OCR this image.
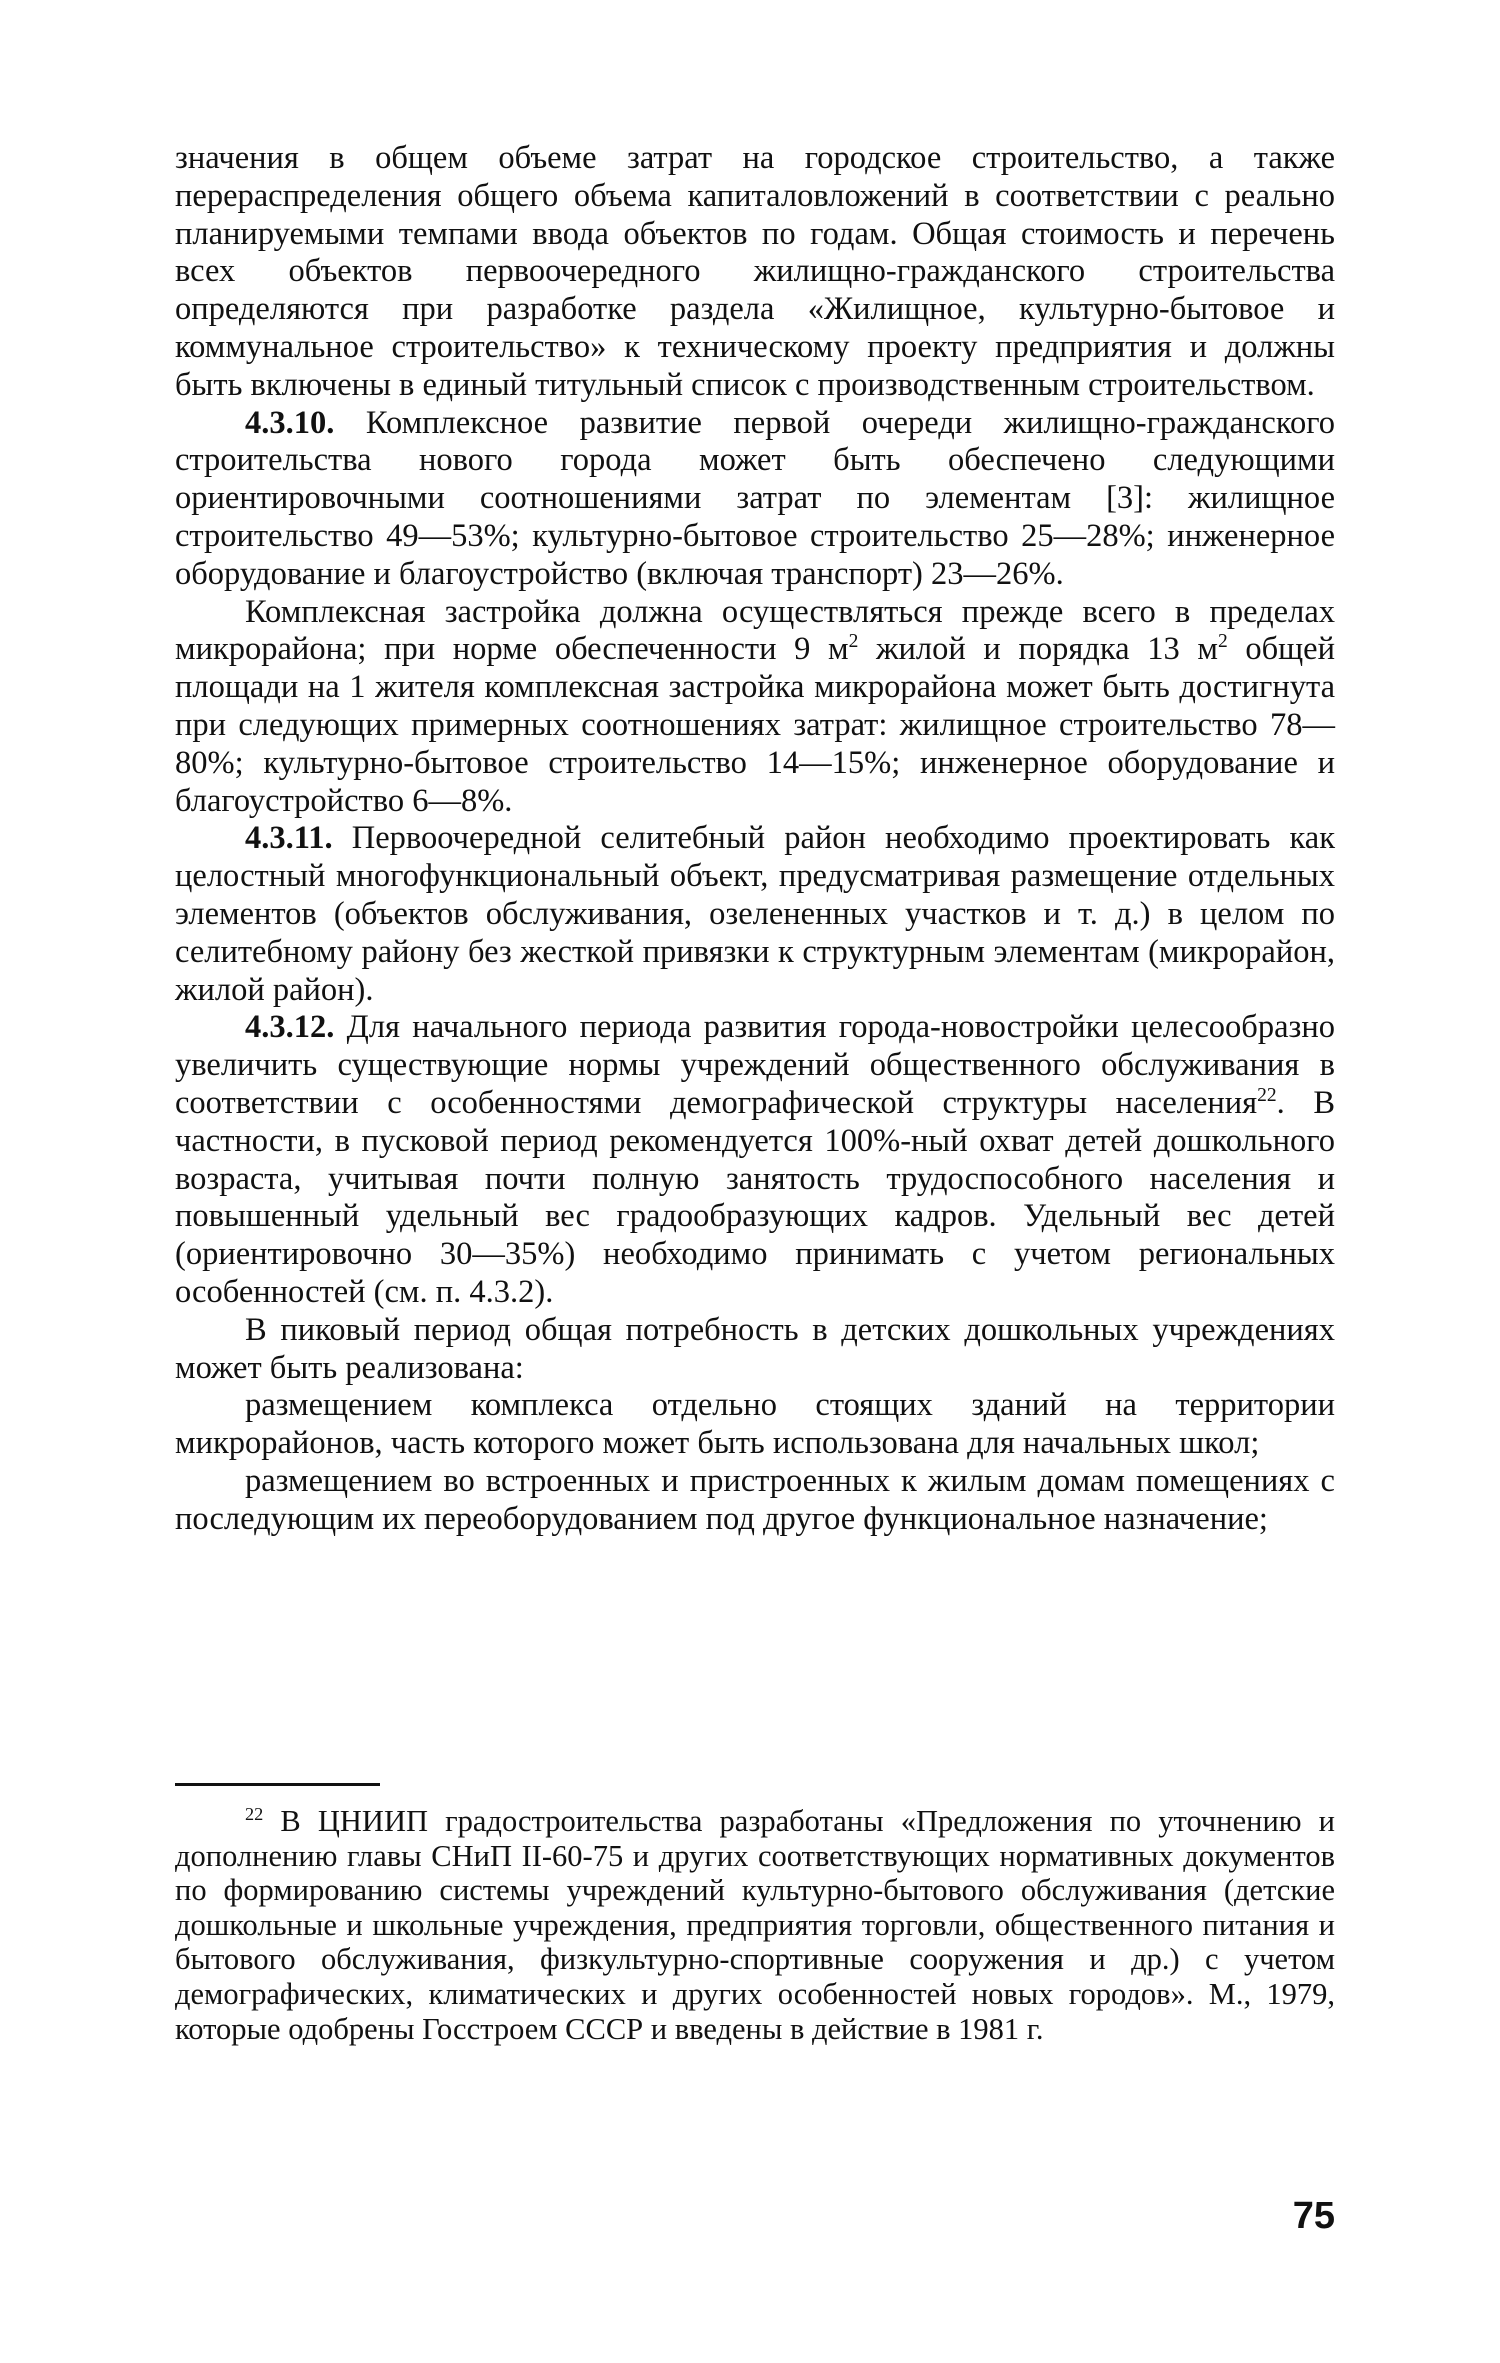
значения в общем объеме затрат на городское строительство, а также перераспределения общего объема капиталовложений в соответствии с реально планируемыми темпами ввода объектов по годам. Общая стоимость и перечень всех объектов первоочередного жилищно-гражданского строительства определяются при разработке раздела «Жилищное, культурно-бытовое и коммунальное строительство» к техническому проекту предприятия и должны быть включены в единый титульный список с производственным строительством.

4.3.10. Комплексное развитие первой очереди жилищно-гражданского строительства нового города может быть обеспечено следующими ориентировочными соотношениями затрат по элементам [3]: жилищное строительство 49—53%; культурно-бытовое строительство 25—28%; инженерное оборудование и благоустройство (включая транспорт) 23—26%.

Комплексная застройка должна осуществляться прежде всего в пределах микрорайона; при норме обеспеченности 9 $м^2$ жилой и порядка 13 $м^2$ общей площади на 1 жителя комплексная застройка микрорайона может быть достигнута при следующих примерных соотношениях затрат: жилищное строительство 78—80%; культурно-бытовое строительство 14—15%; инженерное оборудование и благоустройство 6—8%.

4.3.11. Первоочередной селитебный район необходимо проектировать как целостный многофункциональный объект, предусматривая размещение отдельных элементов (объектов обслуживания, озелененных участков и т. д.) в целом по селитебному району без жесткой привязки к структурным элементам (микрорайон, жилой район).

4.3.12. Для начального периода развития города-новостройки целесообразно увеличить существующие нормы учреждений общественного обслуживания в соответствии с особенностями демографической структуры населения$^{22}$. В частности, в пусковой период рекомендуется 100%-ный охват детей дошкольного возраста, учитывая почти полную занятость трудоспособного населения и повышенный удельный вес градообразующих кадров. Удельный вес детей (ориентировочно 30—35%) необходимо принимать с учетом региональных особенностей (см. п. 4.3.2).

В пиковый период общая потребность в детских дошкольных учреждениях может быть реализована:

размещением комплекса отдельно стоящих зданий на территории микрорайонов, часть которого может быть использована для начальных школ;

размещением во встроенных и пристроенных к жилым домам помещениях с последующим их переоборудованием под другое функциональное назначение;

$^{22}$ В ЦНИИП градостроительства разработаны «Предложения по уточнению и дополнению главы СНиП II-60-75 и других соответствующих нормативных документов по формированию системы учреждений культурно-бытового обслуживания (детские дошкольные и школьные учреждения, предприятия торговли, общественного питания и бытового обслуживания, физкультурно-спортивные сооружения и др.) с учетом демографических, климатических и других особенностей новых городов». М., 1979, которые одобрены Госстроем СССР и введены в действие в 1981 г.

75
